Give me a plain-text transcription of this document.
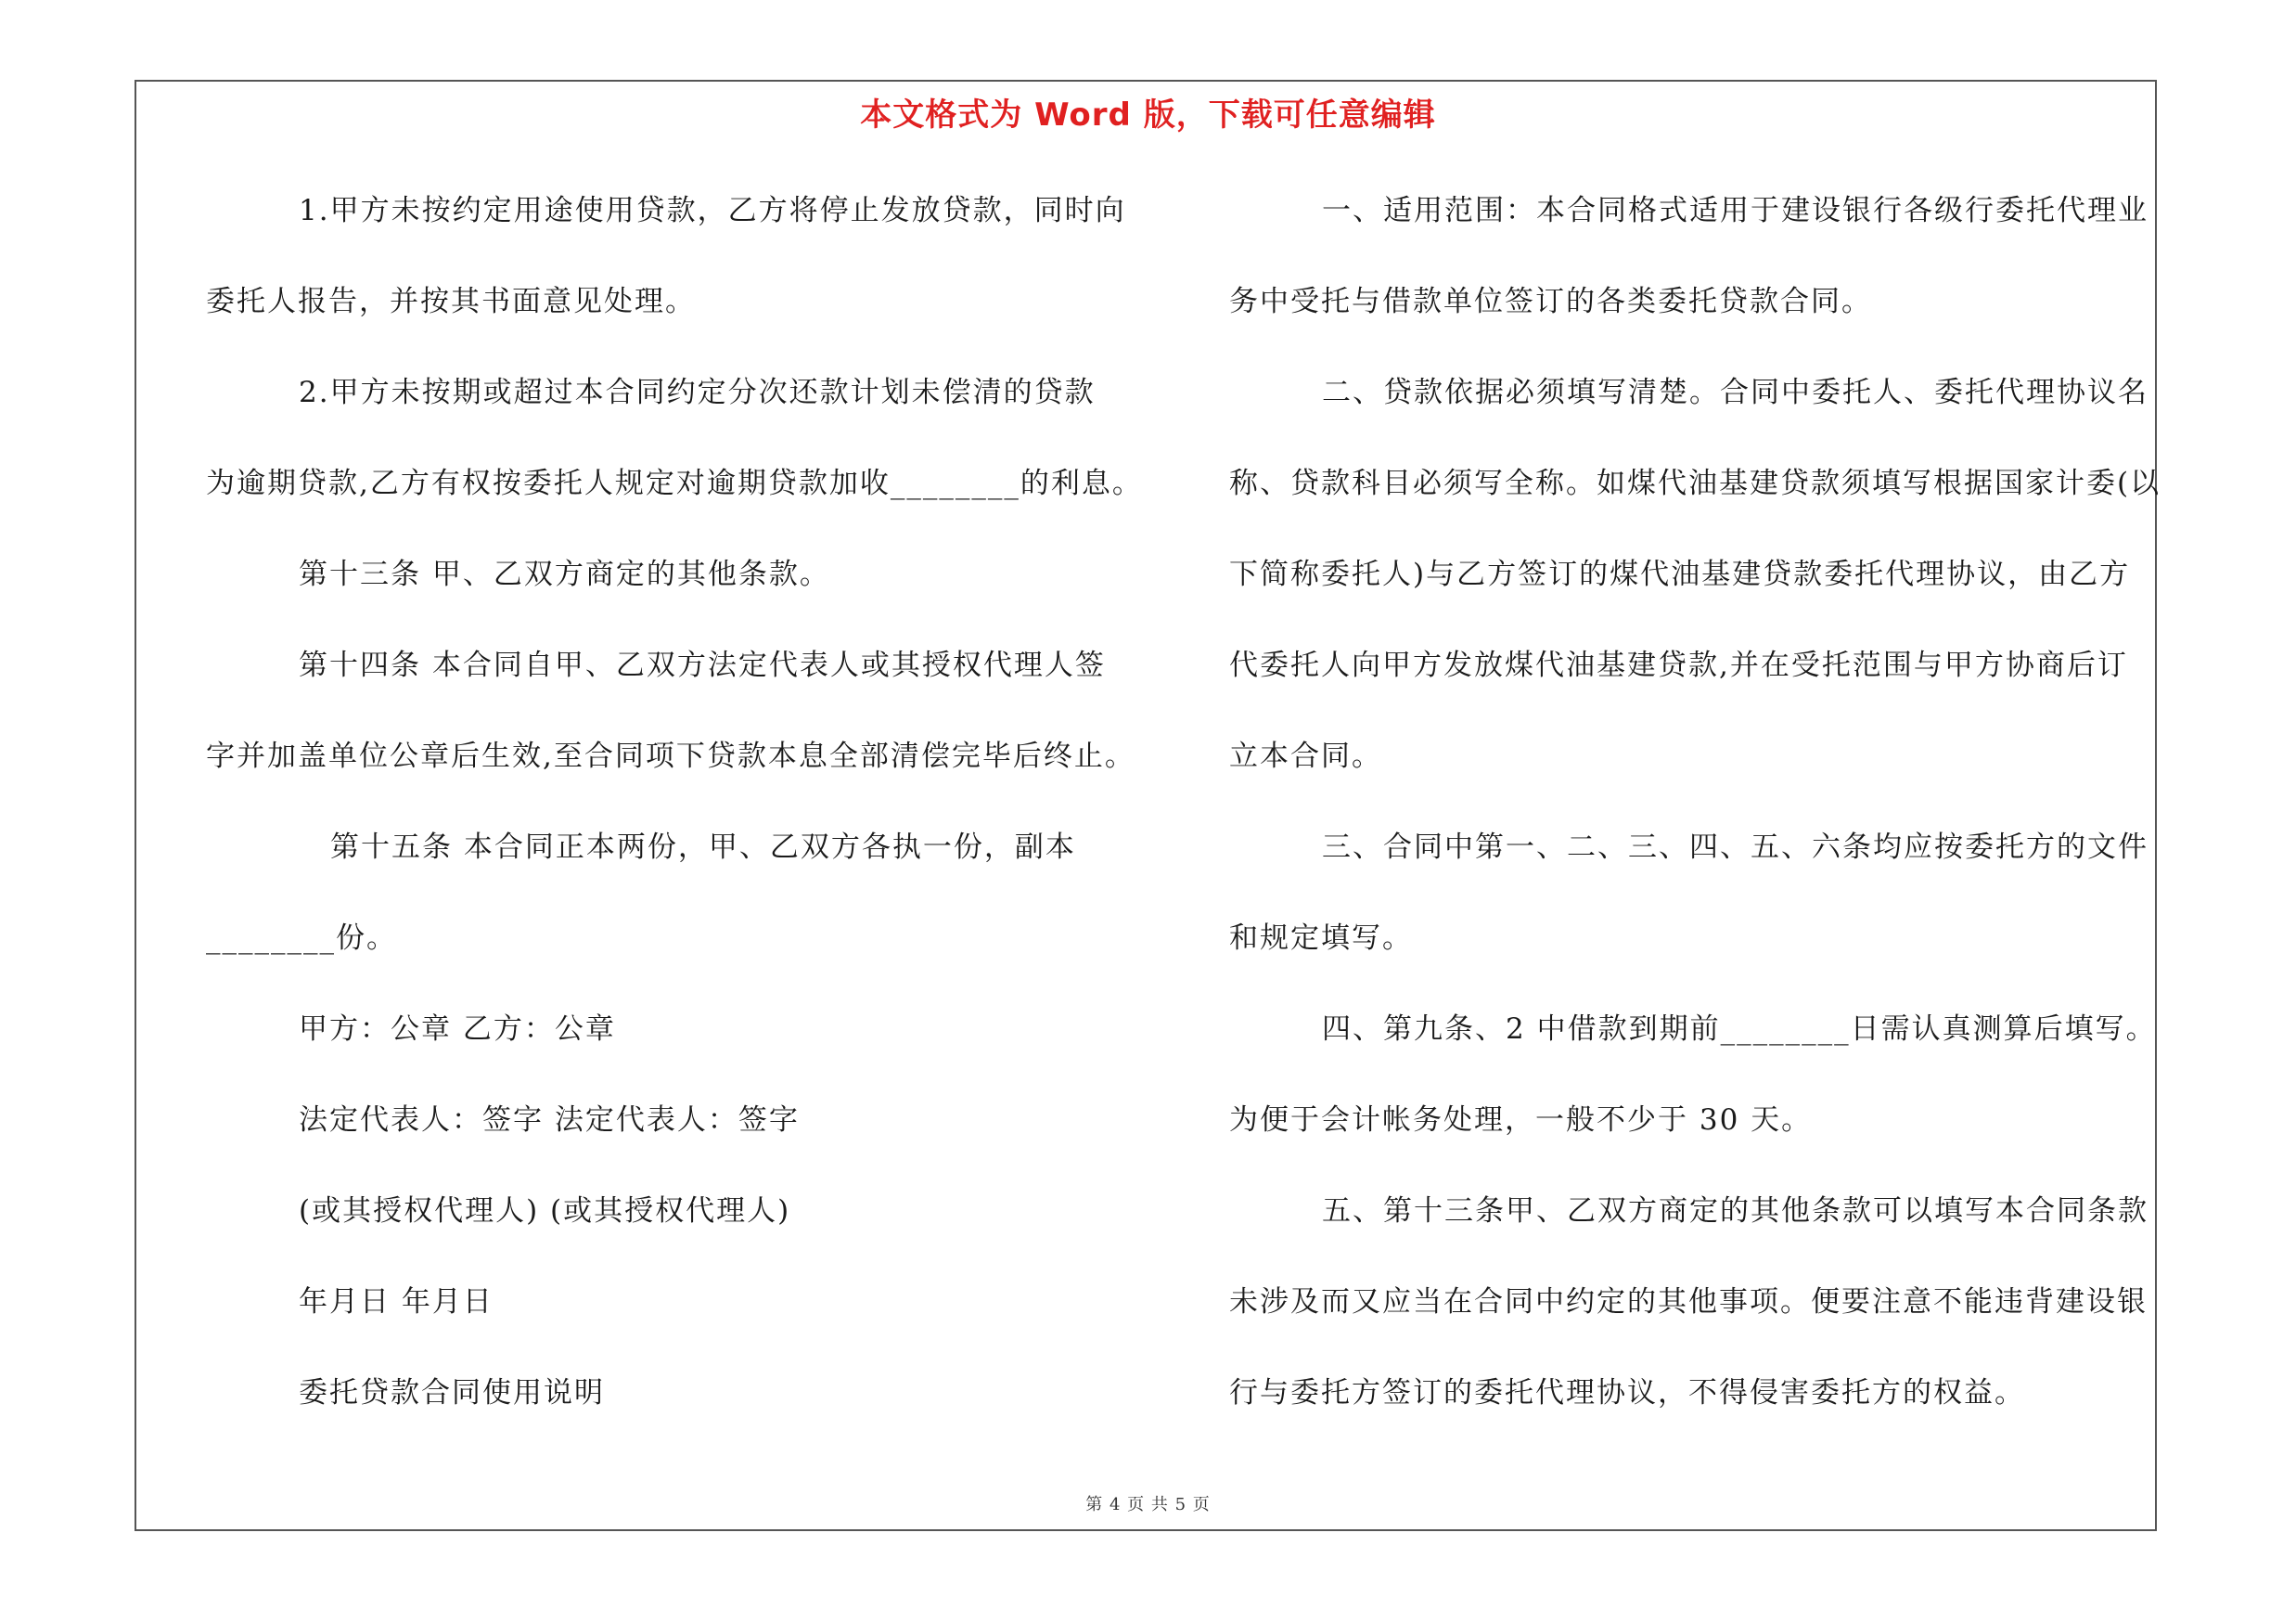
本文格式为 Word 版，下载可任意编辑
1.甲方未按约定用途使用贷款，乙方将停止发放贷款，同时向
委托人报告，并按其书面意见处理。
2.甲方未按期或超过本合同约定分次还款计划未偿清的贷款
为逾期贷款,乙方有权按委托人规定对逾期贷款加收________的利息。
第十三条 甲、乙双方商定的其他条款。
第十四条 本合同自甲、乙双方法定代表人或其授权代理人签
字并加盖单位公章后生效,至合同项下贷款本息全部清偿完毕后终止。
第十五条 本合同正本两份，甲、乙双方各执一份，副本
________份。
甲方：公章 乙方：公章
法定代表人：签字 法定代表人：签字
(或其授权代理人) (或其授权代理人)
年月日 年月日
委托贷款合同使用说明
一、适用范围：本合同格式适用于建设银行各级行委托代理业
务中受托与借款单位签订的各类委托贷款合同。
二、贷款依据必须填写清楚。合同中委托人、委托代理协议名
称、贷款科目必须写全称。如煤代油基建贷款须填写根据国家计委(以
下简称委托人)与乙方签订的煤代油基建贷款委托代理协议，由乙方
代委托人向甲方发放煤代油基建贷款,并在受托范围与甲方协商后订
立本合同。
三、合同中第一、二、三、四、五、六条均应按委托方的文件
和规定填写。
四、第九条、2 中借款到期前________日需认真测算后填写。
为便于会计帐务处理，一般不少于 30 天。
五、第十三条甲、乙双方商定的其他条款可以填写本合同条款
未涉及而又应当在合同中约定的其他事项。便要注意不能违背建设银
行与委托方签订的委托代理协议，不得侵害委托方的权益。
第 4 页 共 5 页
